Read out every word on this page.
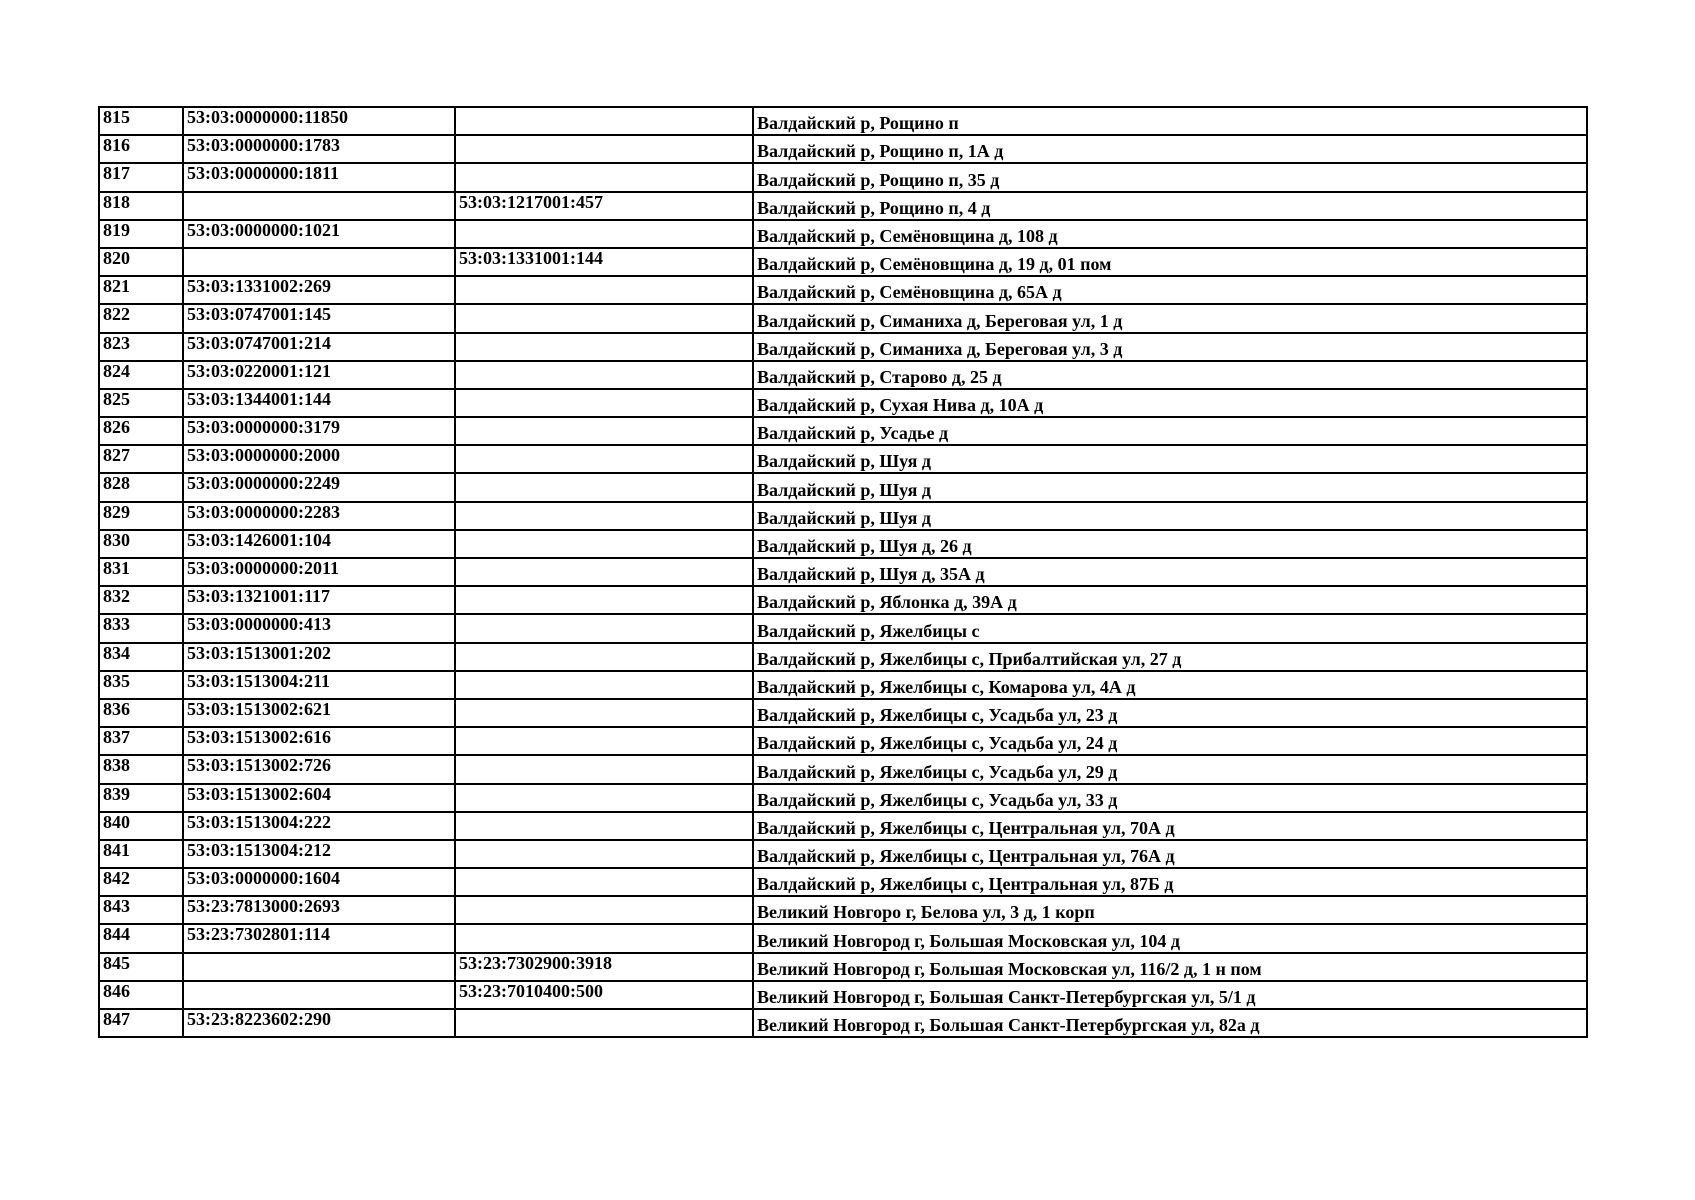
815	53:03:0000000:11850		Валдайский р, Рощино п
816	53:03:0000000:1783		Валдайский р, Рощино п, 1А д
817	53:03:0000000:1811		Валдайский р, Рощино п, 35 д
818		53:03:1217001:457	Валдайский р, Рощино п, 4 д
819	53:03:0000000:1021		Валдайский р, Семёновщина д, 108 д
820		53:03:1331001:144	Валдайский р, Семёновщина д, 19 д, 01 пом
821	53:03:1331002:269		Валдайский р, Семёновщина д, 65А д
822	53:03:0747001:145		Валдайский р, Симаниха д, Береговая ул, 1 д
823	53:03:0747001:214		Валдайский р, Симаниха д, Береговая ул, 3 д
824	53:03:0220001:121		Валдайский р, Старово д, 25 д
825	53:03:1344001:144		Валдайский р, Сухая Нива д, 10А д
826	53:03:0000000:3179		Валдайский р, Усадье д
827	53:03:0000000:2000		Валдайский р, Шуя д
828	53:03:0000000:2249		Валдайский р, Шуя д
829	53:03:0000000:2283		Валдайский р, Шуя д
830	53:03:1426001:104		Валдайский р, Шуя д, 26 д
831	53:03:0000000:2011		Валдайский р, Шуя д, 35А д
832	53:03:1321001:117		Валдайский р, Яблонка д, 39А д
833	53:03:0000000:413		Валдайский р, Яжелбицы с
834	53:03:1513001:202		Валдайский р, Яжелбицы с, Прибалтийская ул, 27 д
835	53:03:1513004:211		Валдайский р, Яжелбицы с, Комарова ул, 4А д
836	53:03:1513002:621		Валдайский р, Яжелбицы с, Усадьба ул, 23 д
837	53:03:1513002:616		Валдайский р, Яжелбицы с, Усадьба ул, 24 д
838	53:03:1513002:726		Валдайский р, Яжелбицы с, Усадьба ул, 29 д
839	53:03:1513002:604		Валдайский р, Яжелбицы с, Усадьба ул, 33 д
840	53:03:1513004:222		Валдайский р, Яжелбицы с, Центральная ул, 70А д
841	53:03:1513004:212		Валдайский р, Яжелбицы с, Центральная ул, 76А д
842	53:03:0000000:1604		Валдайский р, Яжелбицы с, Центральная ул, 87Б д
843	53:23:7813000:2693		Великий Новгоро г, Белова ул, 3 д, 1 корп
844	53:23:7302801:114		Великий Новгород г, Большая Московская ул, 104 д
845		53:23:7302900:3918	Великий Новгород г, Большая Московская ул, 116/2 д, 1 н пом
846		53:23:7010400:500	Великий Новгород г, Большая Санкт-Петербургская ул, 5/1 д
847	53:23:8223602:290		Великий Новгород г, Большая Санкт-Петербургская ул, 82а д
